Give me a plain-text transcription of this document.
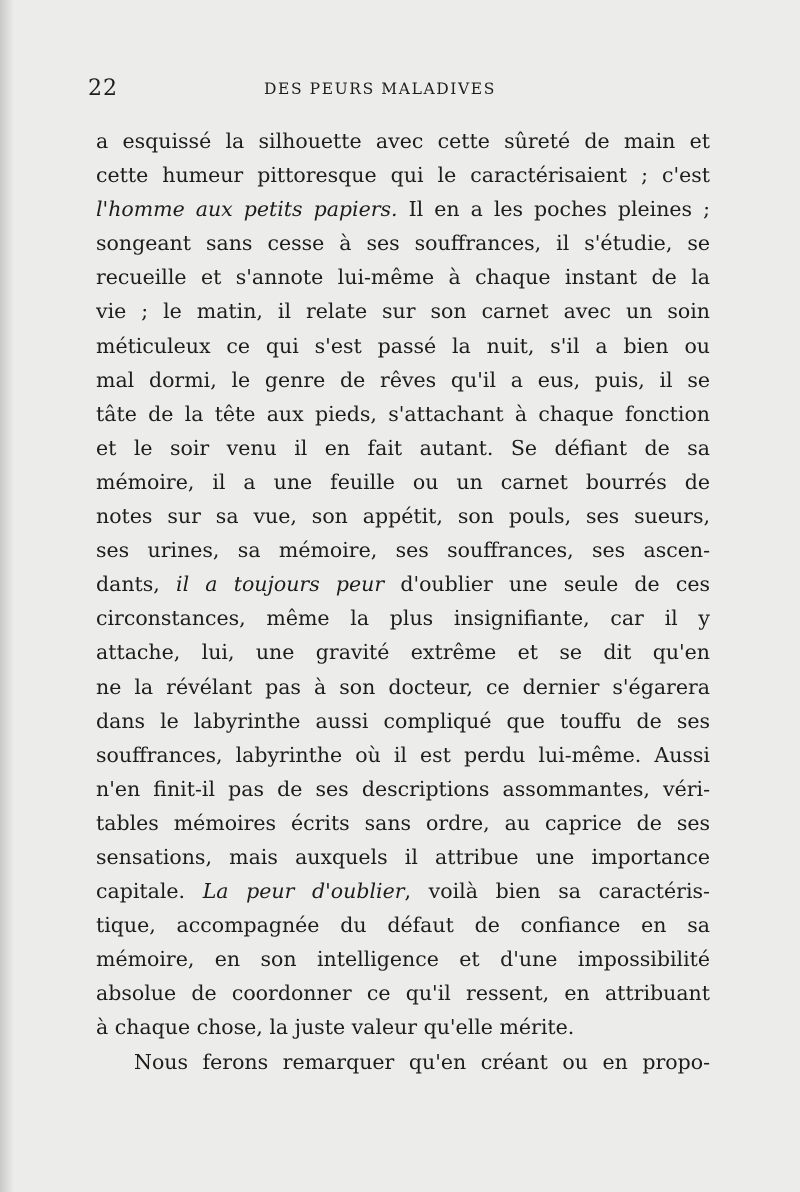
22	DES PEURS MALADIVES
a esquissé la silhouette avec cette sûreté de main et
cette humeur pittoresque qui le caractérisaient ; c'est
l'homme aux petits papiers. Il en a les poches pleines ;
songeant sans cesse à ses souffrances, il s'étudie, se
recueille et s'annote lui-même à chaque instant de la
vie ; le matin, il relate sur son carnet avec un soin
méticuleux ce qui s'est passé la nuit, s'il a bien ou
mal dormi, le genre de rêves qu'il a eus, puis, il se
tâte de la tête aux pieds, s'attachant à chaque fonction
et le soir venu il en fait autant. Se défiant de sa
mémoire, il a une feuille ou un carnet bourrés de
notes sur sa vue, son appétit, son pouls, ses sueurs,
ses urines, sa mémoire, ses souffrances, ses ascen-
dants, il a toujours peur d'oublier une seule de ces
circonstances, même la plus insignifiante, car il y
attache, lui, une gravité extrême et se dit qu'en
ne la révélant pas à son docteur, ce dernier s'égarera
dans le labyrinthe aussi compliqué que touffu de ses
souffrances, labyrinthe où il est perdu lui-même. Aussi
n'en finit-il pas de ses descriptions assommantes, véri-
tables mémoires écrits sans ordre, au caprice de ses
sensations, mais auxquels il attribue une importance
capitale. La peur d'oublier, voilà bien sa caractéris-
tique, accompagnée du défaut de confiance en sa
mémoire, en son intelligence et d'une impossibilité
absolue de coordonner ce qu'il ressent, en attribuant
à chaque chose, la juste valeur qu'elle mérite.
Nous ferons remarquer qu'en créant ou en propo-
